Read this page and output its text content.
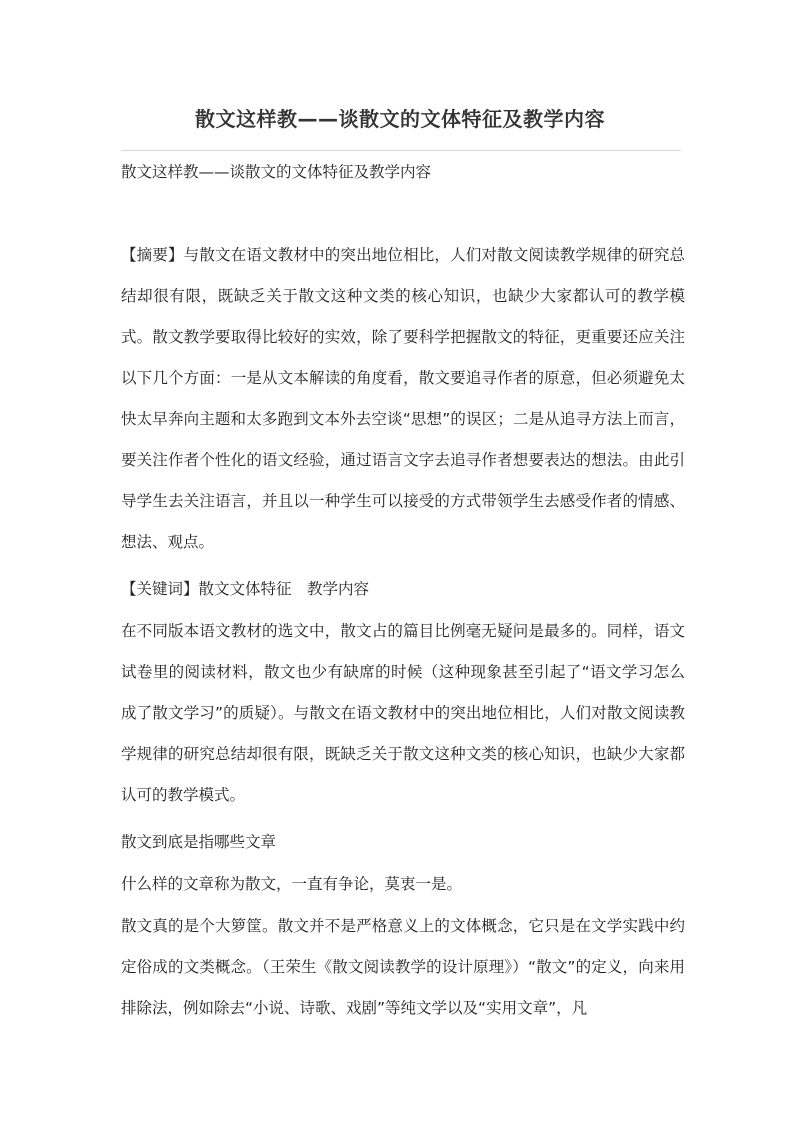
散文这样教——谈散文的文体特征及教学内容

散文这样教——谈散文的文体特征及教学内容

【摘要】与散文在语文教材中的突出地位相比，人们对散文阅读教学规律的研究总结却很有限，既缺乏关于散文这种文类的核心知识，也缺少大家都认可的教学模式。散文教学要取得比较好的实效，除了要科学把握散文的特征，更重要还应关注以下几个方面：一是从文本解读的角度看，散文要追寻作者的原意，但必须避免太快太早奔向主题和太多跑到文本外去空谈“思想”的误区；二是从追寻方法上而言，要关注作者个性化的语文经验，通过语言文字去追寻作者想要表达的想法。由此引导学生去关注语言，并且以一种学生可以接受的方式带领学生去感受作者的情感、想法、观点。

【关键词】散文文体特征　教学内容

在不同版本语文教材的选文中，散文占的篇目比例毫无疑问是最多的。同样，语文试卷里的阅读材料，散文也少有缺席的时候（这种现象甚至引起了“语文学习怎么成了散文学习”的质疑）。与散文在语文教材中的突出地位相比，人们对散文阅读教学规律的研究总结却很有限，既缺乏关于散文这种文类的核心知识，也缺少大家都认可的教学模式。

散文到底是指哪些文章

什么样的文章称为散文，一直有争论，莫衷一是。

散文真的是个大箩筐。散文并不是严格意义上的文体概念，它只是在文学实践中约定俗成的文类概念。（王荣生《散文阅读教学的设计原理》）“散文”的定义，向来用排除法，例如除去“小说、诗歌、戏剧”等纯文学以及“实用文章”，凡
